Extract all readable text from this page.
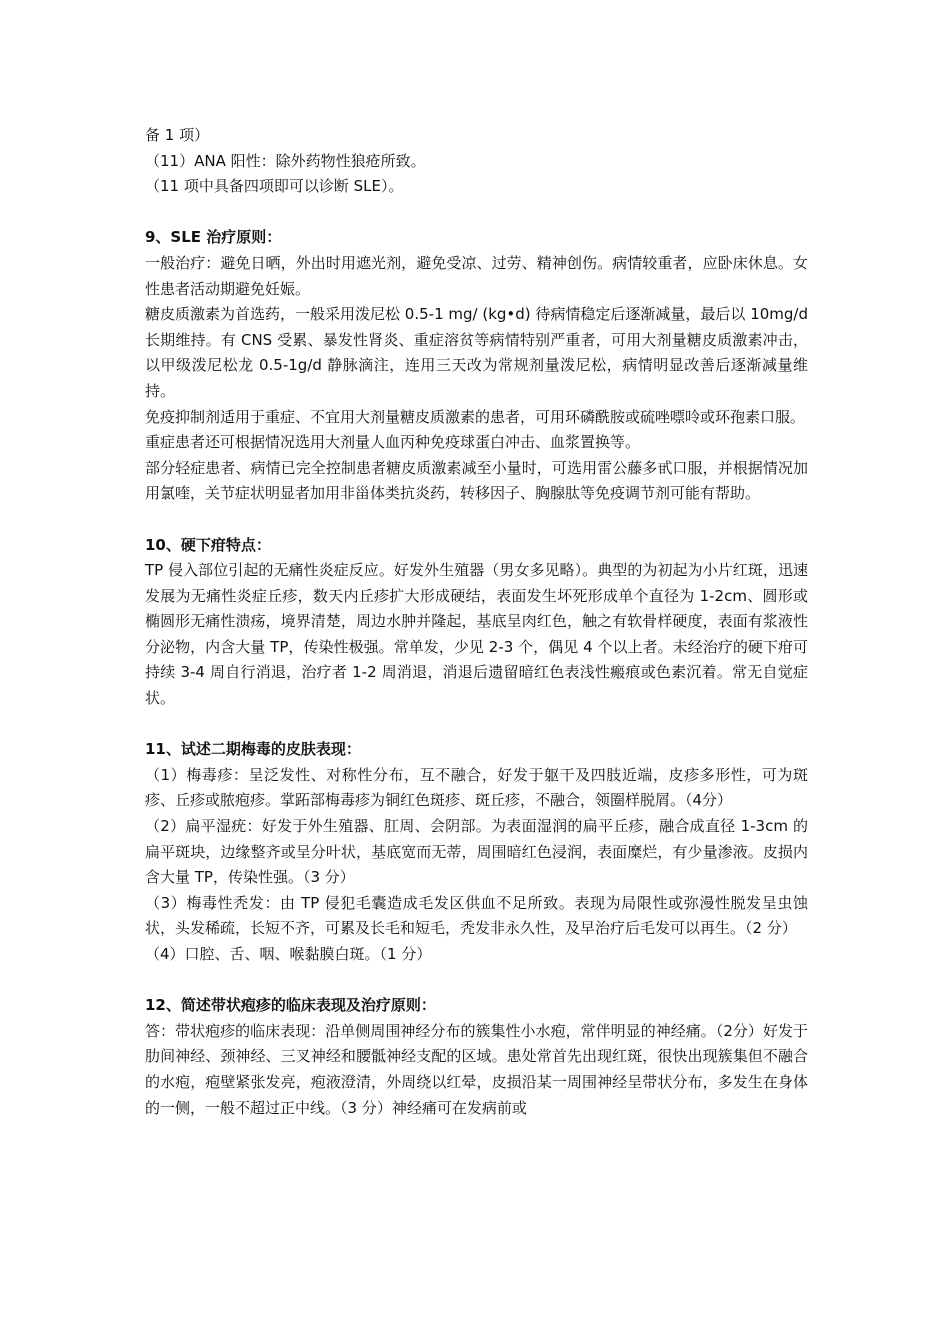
备 1 项）
（11）ANA 阳性：除外药物性狼疮所致。
（11 项中具备四项即可以诊断 SLE）。
9、SLE 治疗原则：
一般治疗：避免日晒，外出时用遮光剂，避免受凉、过劳、精神创伤。病情较重者，应卧床休息。女性患者活动期避免妊娠。
糖皮质激素为首选药，一般采用泼尼松 0.5-1 mg/ (kg•d) 待病情稳定后逐渐减量，最后以 10mg/d 长期维持。有 CNS 受累、暴发性肾炎、重症溶贫等病情特别严重者，可用大剂量糖皮质激素冲击，以甲级泼尼松龙 0.5-1g/d 静脉滴注，连用三天改为常规剂量泼尼松，病情明显改善后逐渐减量维持。
免疫抑制剂适用于重症、不宜用大剂量糖皮质激素的患者，可用环磷酰胺或硫唑嘌呤或环孢素口服。
重症患者还可根据情况选用大剂量人血丙种免疫球蛋白冲击、血浆置换等。
部分轻症患者、病情已完全控制患者糖皮质激素减至小量时，可选用雷公藤多甙口服，并根据情况加用氯喹，关节症状明显者加用非甾体类抗炎药，转移因子、胸腺肽等免疫调节剂可能有帮助。
10、硬下疳特点：
TP 侵入部位引起的无痛性炎症反应。好发外生殖器（男女多见略）。典型的为初起为小片红斑，迅速发展为无痛性炎症丘疹，数天内丘疹扩大形成硬结，表面发生坏死形成单个直径为 1-2cm、圆形或椭圆形无痛性溃疡，境界清楚，周边水肿并隆起，基底呈肉红色，触之有软骨样硬度，表面有浆液性分泌物，内含大量 TP，传染性极强。常单发，少见 2-3 个，偶见 4 个以上者。未经治疗的硬下疳可持续 3-4 周自行消退，治疗者 1-2 周消退，消退后遗留暗红色表浅性瘢痕或色素沉着。常无自觉症状。
11、试述二期梅毒的皮肤表现：
（1）梅毒疹：呈泛发性、对称性分布，互不融合，好发于躯干及四肢近端，皮疹多形性，可为斑疹、丘疹或脓疱疹。掌跖部梅毒疹为铜红色斑疹、斑丘疹，不融合，领圈样脱屑。（4分）
（2）扁平湿疣：好发于外生殖器、肛周、会阴部。为表面湿润的扁平丘疹，融合成直径 1-3cm 的扁平斑块，边缘整齐或呈分叶状，基底宽而无蒂，周围暗红色浸润，表面糜烂，有少量渗液。皮损内含大量 TP，传染性强。（3 分）
（3）梅毒性秃发：由 TP 侵犯毛囊造成毛发区供血不足所致。表现为局限性或弥漫性脱发呈虫蚀状，头发稀疏，长短不齐，可累及长毛和短毛，秃发非永久性，及早治疗后毛发可以再生。（2 分）
（4）口腔、舌、咽、喉黏膜白斑。（1 分）
12、简述带状疱疹的临床表现及治疗原则：
答：带状疱疹的临床表现：沿单侧周围神经分布的簇集性小水疱，常伴明显的神经痛。（2分）好发于肋间神经、颈神经、三叉神经和腰骶神经支配的区域。患处常首先出现红斑，很快出现簇集但不融合的水疱，疱壁紧张发亮，疱液澄清，外周绕以红晕，皮损沿某一周围神经呈带状分布，多发生在身体的一侧，一般不超过正中线。（3 分）神经痛可在发病前或
